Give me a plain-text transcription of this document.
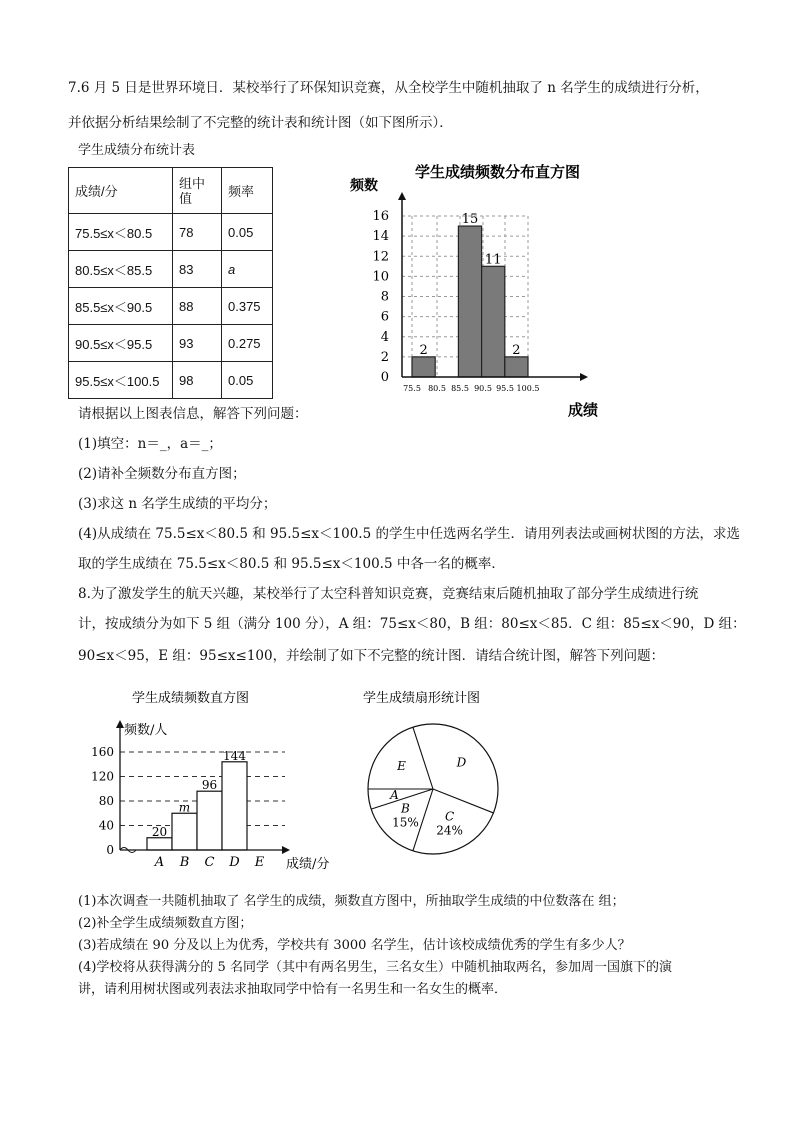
7.6 月 5 日是世界环境日．某校举行了环保知识竞赛，从全校学生中随机抽取了 n 名学生的成绩进行分析，
并依据分析结果绘制了不完整的统计表和统计图（如下图所示）．
学生成绩分布统计表
成绩/分	组中值	频率
75.5≤x＜80.5	78	0.05
80.5≤x＜85.5	83	a
85.5≤x＜90.5	88	0.375
90.5≤x＜95.5	93	0.275
95.5≤x＜100.5	98	0.05
学生成绩频数分布直方图
频数
成绩
2
15
11
2
0
2
4
6
8
10
12
14
16
75.5 80.5 85.5 90.5 95.5 100.5
请根据以上图表信息，解答下列问题：
(1)填空：n＝_，a＝_；
(2)请补全频数分布直方图；
(3)求这 n 名学生成绩的平均分；
(4)从成绩在 75.5≤x＜80.5 和 95.5≤x＜100.5 的学生中任选两名学生．请用列表法或画树状图的方法，求选
取的学生成绩在 75.5≤x＜80.5 和 95.5≤x＜100.5 中各一名的概率．
8.为了激发学生的航天兴趣，某校举行了太空科普知识竞赛，竞赛结束后随机抽取了部分学生成绩进行统
计，按成绩分为如下 5 组（满分 100 分），A 组：75≤x＜80，B 组：80≤x＜85．C 组：85≤x＜90，D 组：
90≤x＜95，E 组：95≤x≤100，并绘制了如下不完整的统计图．请结合统计图，解答下列问题：
学生成绩频数直方图
频数/人
成绩/分
20
m
96
144
0
40
80
120
160
A B C D E
学生成绩扇形统计图
A
B
15% C
24%
D
E
(1)本次调查一共随机抽取了 名学生的成绩，频数直方图中，所抽取学生成绩的中位数落在 组；
(2)补全学生成绩频数直方图；
(3)若成绩在 90 分及以上为优秀，学校共有 3000 名学生，估计该校成绩优秀的学生有多少人？
(4)学校将从获得满分的 5 名同学（其中有两名男生，三名女生）中随机抽取两名，参加周一国旗下的演
讲，请利用树状图或列表法求抽取同学中恰有一名男生和一名女生的概率．
